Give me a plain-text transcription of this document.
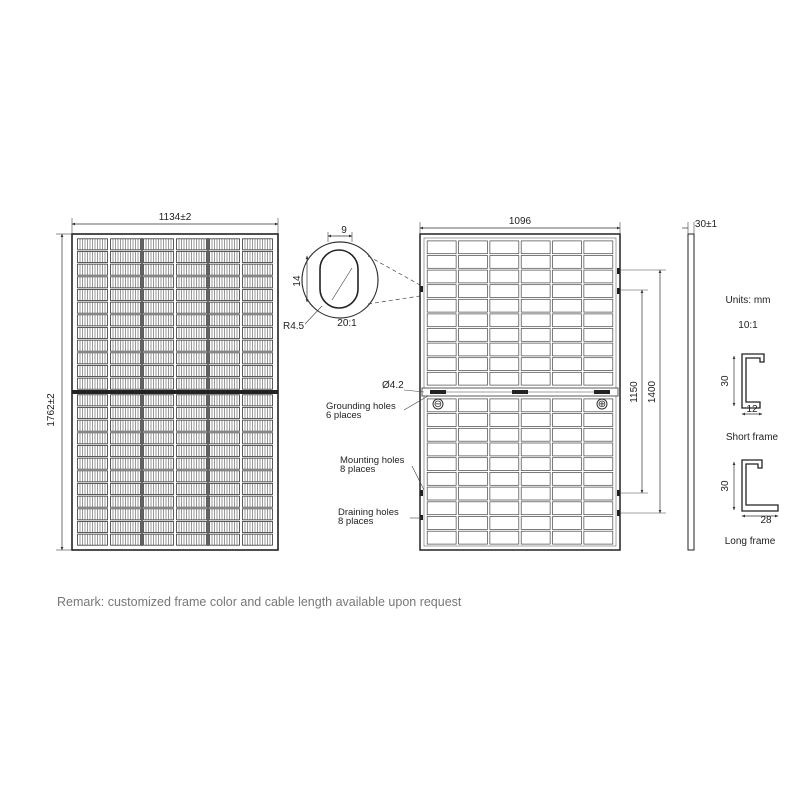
1134±2
1762±2
9
14
R4.5	20:1
⊖	⊕
1096
1150 1400
Ø4.2
Grounding holes
6 places
Mounting holes
8 places
Draining holes
8 places
30±1
Units: mm
10:1
30
12
Short frame
30
28
Long frame
Remark: customized frame color and cable length available upon request
